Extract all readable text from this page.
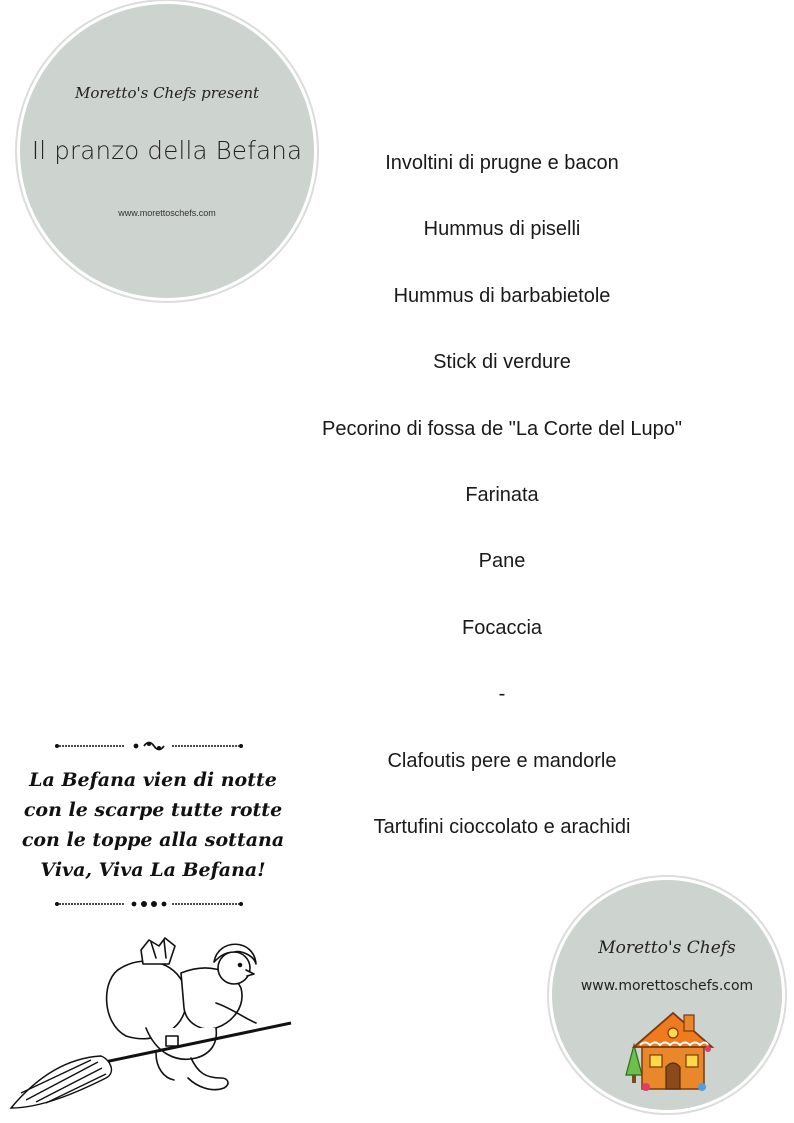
Moretto's Chefs present
Il pranzo della Befana
www.morettoschefs.com
Involtini di prugne e bacon
Hummus di piselli
Hummus di barbabietole
Stick di verdure
Pecorino di fossa de "La Corte del Lupo"
Farinata
Pane
Focaccia
-
Clafoutis pere e mandorle
Tartufini cioccolato e arachidi
La Befana vien di notte
con le scarpe tutte rotte
con le toppe alla sottana
Viva, Viva La Befana!
Moretto's Chefs
www.morettoschefs.com
